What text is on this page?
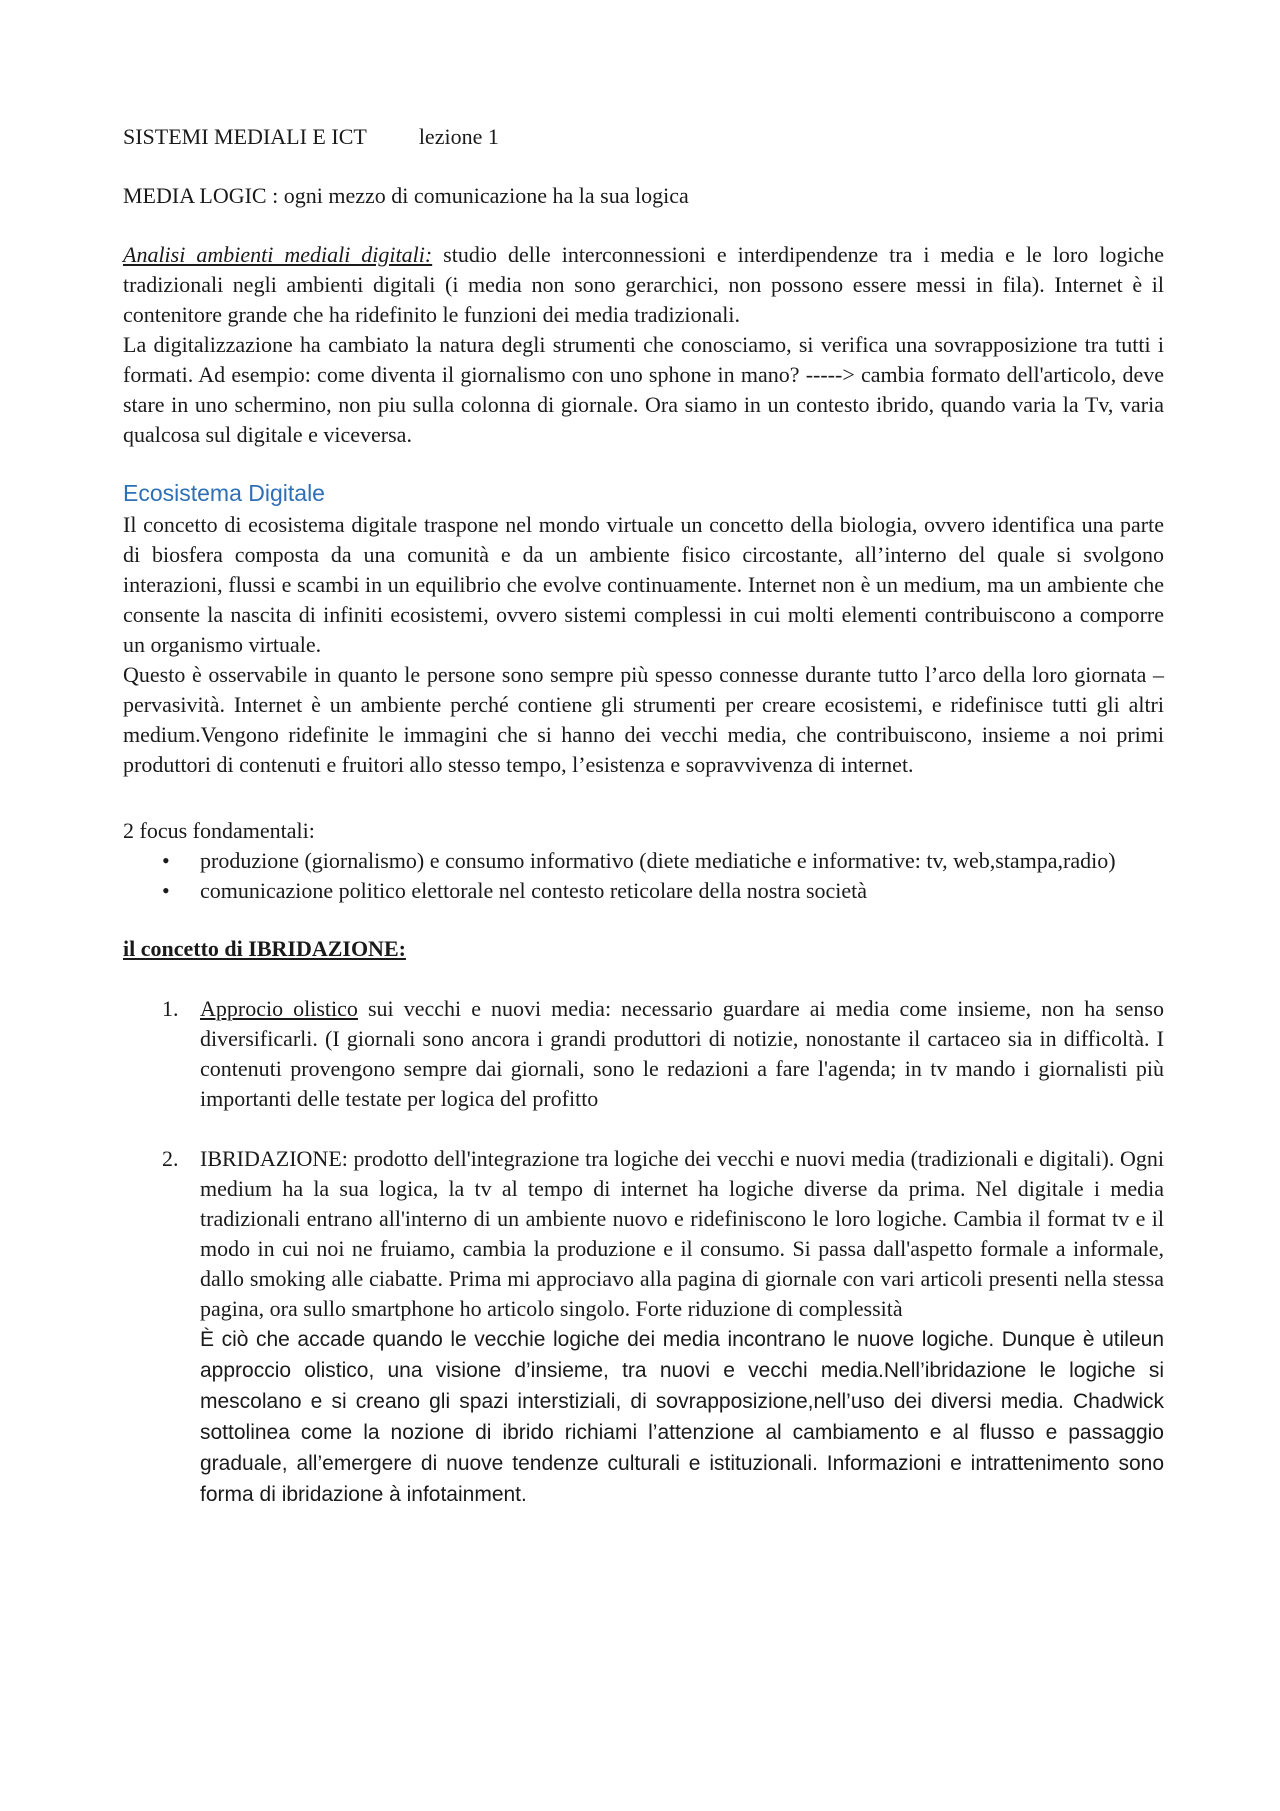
SISTEMI MEDIALI E ICT lezione 1

MEDIA LOGIC : ogni mezzo di comunicazione ha la sua logica

Analisi ambienti mediali digitali: studio delle interconnessioni e interdipendenze tra i media e le loro logiche tradizionali negli ambienti digitali (i media non sono gerarchici, non possono essere messi in fila). Internet è il contenitore grande che ha ridefinito le funzioni dei media tradizionali.

La digitalizzazione ha cambiato la natura degli strumenti che conosciamo, si verifica una sovrapposizione tra tutti i formati. Ad esempio: come diventa il giornalismo con uno sphone in mano? -----> cambia formato dell'articolo, deve stare in uno schermino, non piu sulla colonna di giornale. Ora siamo in un contesto ibrido, quando varia la Tv, varia qualcosa sul digitale e viceversa.

Ecosistema Digitale

Il concetto di ecosistema digitale traspone nel mondo virtuale un concetto della biologia, ovvero identifica una parte di biosfera composta da una comunità e da un ambiente fisico circostante, all’interno del quale si svolgono interazioni, flussi e scambi in un equilibrio che evolve continuamente. Internet non è un medium, ma un ambiente che consente la nascita di infiniti ecosistemi, ovvero sistemi complessi in cui molti elementi contribuiscono a comporre un organismo virtuale.

Questo è osservabile in quanto le persone sono sempre più spesso connesse durante tutto l’arco della loro giornata – pervasività. Internet è un ambiente perché contiene gli strumenti per creare ecosistemi, e ridefinisce tutti gli altri medium.Vengono ridefinite le immagini che si hanno dei vecchi media, che contribuiscono, insieme a noi primi produttori di contenuti e fruitori allo stesso tempo, l’esistenza e sopravvivenza di internet.

2 focus fondamentali:

• produzione (giornalismo) e consumo informativo (diete mediatiche e informative: tv, web,stampa,radio)
• comunicazione politico elettorale nel contesto reticolare della nostra società

il concetto di IBRIDAZIONE:

1. Approcio olistico sui vecchi e nuovi media: necessario guardare ai media come insieme, non ha senso diversificarli. (I giornali sono ancora i grandi produttori di notizie, nonostante il cartaceo sia in difficoltà. I contenuti provengono sempre dai giornali, sono le redazioni a fare l'agenda; in tv mando i giornalisti più importanti delle testate per logica del profitto
2. IBRIDAZIONE: prodotto dell'integrazione tra logiche dei vecchi e nuovi media (tradizionali e digitali). Ogni medium ha la sua logica, la tv al tempo di internet ha logiche diverse da prima. Nel digitale i media tradizionali entrano all'interno di un ambiente nuovo e ridefiniscono le loro logiche. Cambia il format tv e il modo in cui noi ne fruiamo, cambia la produzione e il consumo. Si passa dall'aspetto formale a informale, dallo smoking alle ciabatte. Prima mi approciavo alla pagina di giornale con vari articoli presenti nella stessa pagina, ora sullo smartphone ho articolo singolo. Forte riduzione di complessità

È ciò che accade quando le vecchie logiche dei media incontrano le nuove logiche. Dunque è utileun approccio olistico, una visione d’insieme, tra nuovi e vecchi media.Nell’ibridazione le logiche si mescolano e si creano gli spazi interstiziali, di sovrapposizione,nell’uso dei diversi media. Chadwick sottolinea come la nozione di ibrido richiami l’attenzione al cambiamento e al flusso e passaggio graduale, all’emergere di nuove tendenze culturali e istituzionali. Informazioni e intrattenimento sono forma di ibridazione à infotainment.
